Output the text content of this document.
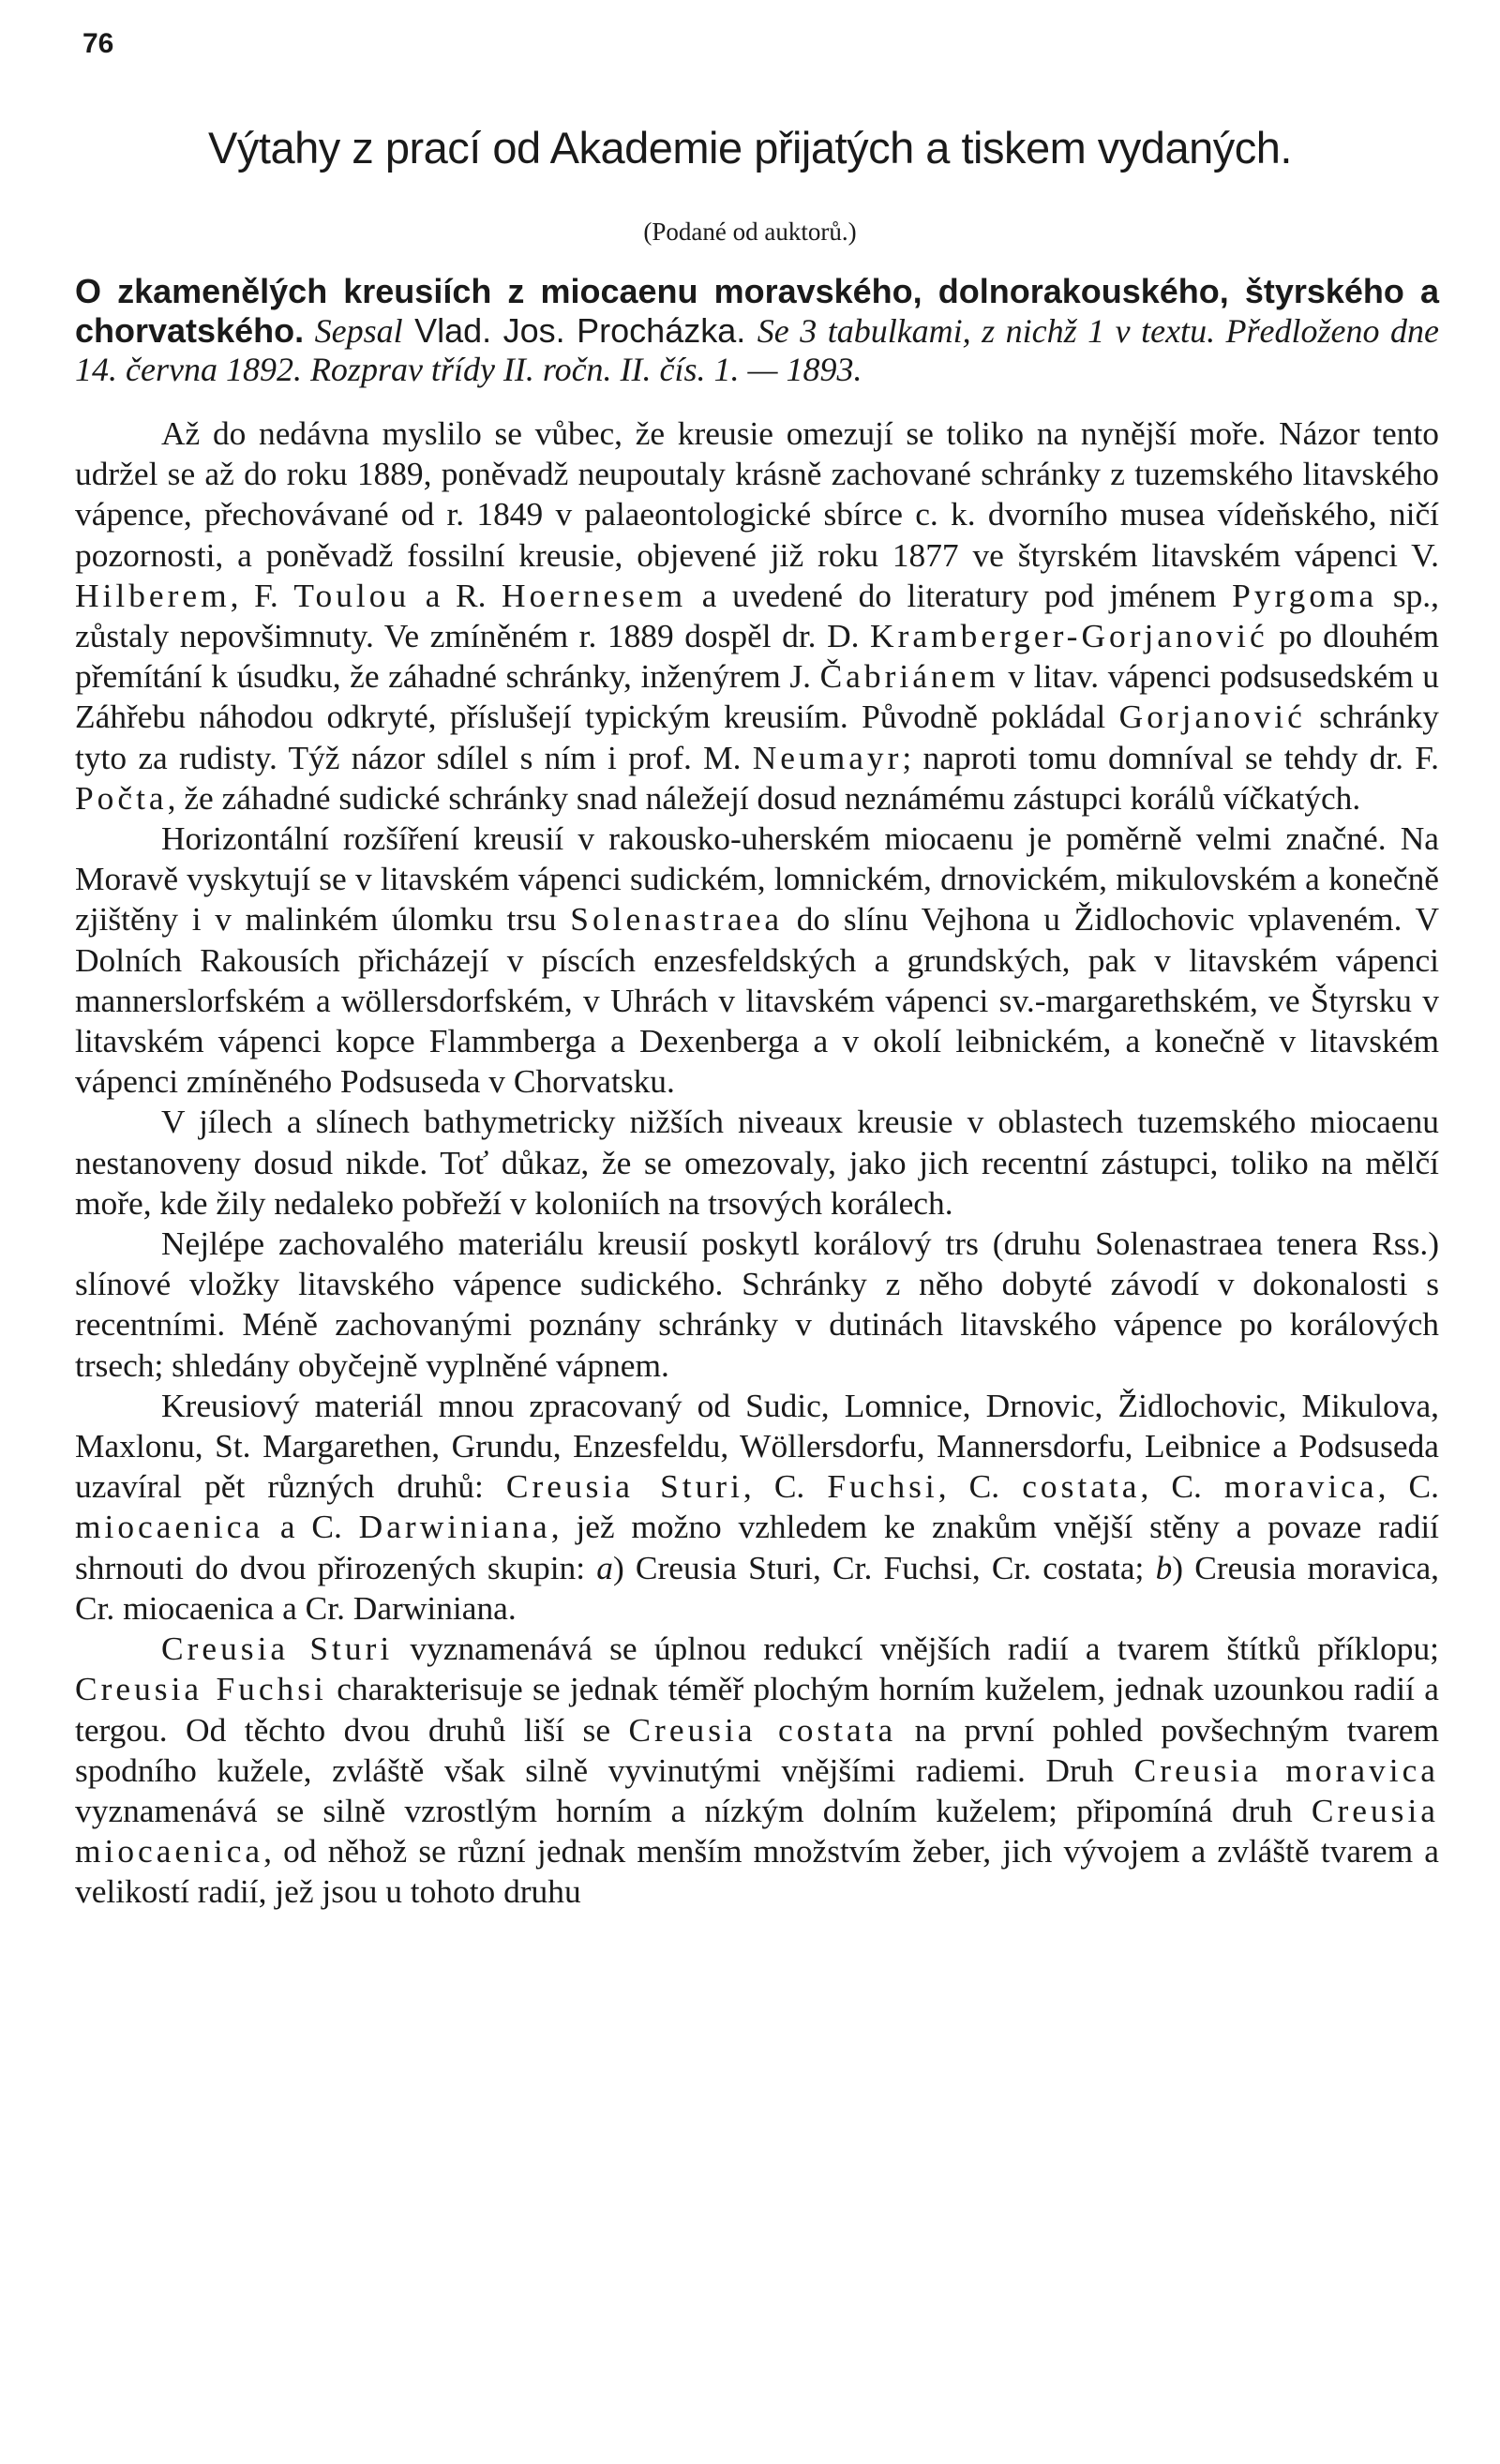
76
Výtahy z prací od Akademie přijatých a tiskem vydaných.
(Podané od auktorů.)
O zkamenělých kreusiích z miocaenu moravského, dolnorakouského, štyrského a chorvatského. Sepsal Vlad. Jos. Procházka. Se 3 tabulkami, z nichž 1 v textu. Předloženo dne 14. června 1892. Rozprav třídy II. ročn. II. čís. 1. — 1893.

Až do nedávna myslilo se vůbec, že kreusie omezují se toliko na nynější moře. Názor tento udržel se až do roku 1889, poněvadž neupoutaly krásně zachované schránky z tuzemského litavského vápence, přechovávané od r. 1849 v palaeontologické sbírce c. k. dvorního musea vídeňského, ničí pozornosti, a poněvadž fossilní kreusie, objevené již roku 1877 ve štyrském litavském vápenci V. Hilberem, F. Toulou a R. Hoernesem a uvedené do literatury pod jménem Pyrgoma sp., zůstaly nepovšimnuty. Ve zmíněném r. 1889 dospěl dr. D. Kramberger-Gorjanović po dlouhém přemítání k úsudku, že záhadné schránky, inženýrem J. Čabriánem v litav. vápenci podsusedském u Záhřebu náhodou odkryté, příslušejí typickým kreusiím. Původně pokládal Gorjanović schránky tyto za rudisty. Týž názor sdílel s ním i prof. M. Neumayr; naproti tomu domníval se tehdy dr. F. Počta, že záhadné sudické schránky snad náležejí dosud neznámému zástupci korálů víčkatých.

Horizontální rozšíření kreusií v rakousko-uherském miocaenu je poměrně velmi značné. Na Moravě vyskytují se v litavském vápenci sudickém, lomnickém, drnovickém, mikulovském a konečně zjištěny i v malinkém úlomku trsu Solenastraea do slínu Vejhona u Židlochovic vplaveném. V Dolních Rakousích přicházejí v píscích enzesfeldských a grundských, pak v litavském vápenci mannerslorfském a wöllersdorfském, v Uhrách v litavském vápenci sv.-margarethském, ve Štyrsku v litavském vápenci kopce Flammberga a Dexenberga a v okolí leibnickém, a konečně v litavském vápenci zmíněného Podsuseda v Chorvatsku.

V jílech a slínech bathymetricky nižších niveaux kreusie v oblastech tuzemského miocaenu nestanoveny dosud nikde. Toť důkaz, že se omezovaly, jako jich recentní zástupci, toliko na mělčí moře, kde žily nedaleko pobřeží v koloniích na trsových korálech.

Nejlépe zachovalého materiálu kreusií poskytl korálový trs (druhu Solenastraea tenera Rss.) slínové vložky litavského vápence sudického. Schránky z něho dobyté závodí v dokonalosti s recentními. Méně zachovanými poznány schránky v dutinách litavského vápence po korálových trsech; shledány obyčejně vyplněné vápnem.

Kreusiový materiál mnou zpracovaný od Sudic, Lomnice, Drnovic, Židlochovic, Mikulova, Maxlonu, St. Margarethen, Grundu, Enzesfeldu, Wöllersdorfu, Mannersdorfu, Leibnice a Podsuseda uzavíral pět různých druhů: Creusia Sturi, C. Fuchsi, C. costata, C. moravica, C. miocaenica a C. Darwiniana, jež možno vzhledem ke znakům vnější stěny a povaze radií shrnouti do dvou přirozených skupin: a) Creusia Sturi, Cr. Fuchsi, Cr. costata; b) Creusia moravica, Cr. miocaenica a Cr. Darwiniana.

Creusia Sturi vyznamenává se úplnou redukcí vnějších radií a tvarem štítků příklopu; Creusia Fuchsi charakterisuje se jednak téměř plochým horním kuželem, jednak uzounkou radií a tergou. Od těchto dvou druhů liší se Creusia costata na první pohled povšechným tvarem spodního kužele, zvláště však silně vyvinutými vnějšími radiemi. Druh Creusia moravica vyznamenává se silně vzrostlým horním a nízkým dolním kuželem; připomíná druh Creusia miocaenica, od něhož se různí jednak menším množstvím žeber, jich vývojem a zvláště tvarem a velikostí radií, jež jsou u tohoto druhu
